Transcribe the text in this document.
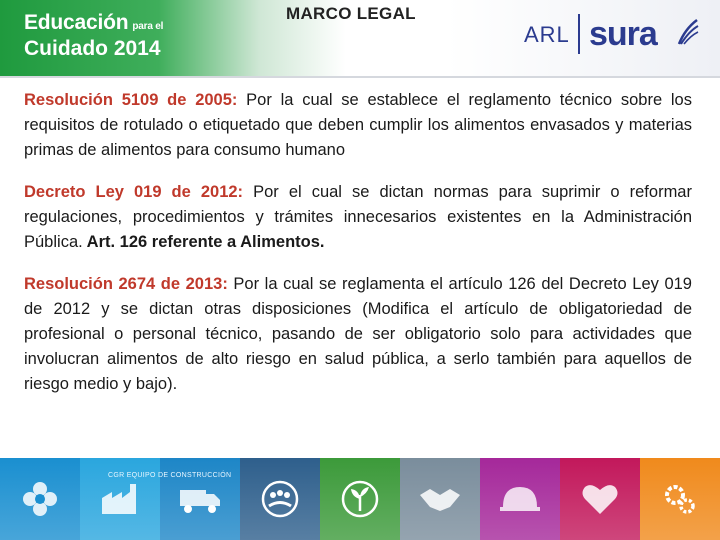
Educación para el
Cuidado 2014
MARCO LEGAL
ARL sura

Resolución 5109 de 2005: Por la cual se establece el reglamento técnico sobre los requisitos de rotulado o etiquetado que deben cumplir los alimentos envasados y materias primas de alimentos para consumo humano

Decreto Ley 019 de 2012: Por el cual se dictan normas para suprimir o reformar regulaciones, procedimientos y trámites innecesarios existentes en la Administración Pública. Art. 126 referente a Alimentos.

Resolución 2674 de 2013: Por la cual se reglamenta el artículo 126 del Decreto Ley 019 de 2012 y se dictan otras disposiciones (Modifica el artículo de obligatoriedad de profesional o personal técnico, pasando de ser obligatorio solo para actividades que involucran alimentos de alto riesgo en salud pública, a serlo también para aquellos de riesgo medio y bajo).

CGR EQUIPO DE CONSTRUCCIÓN
